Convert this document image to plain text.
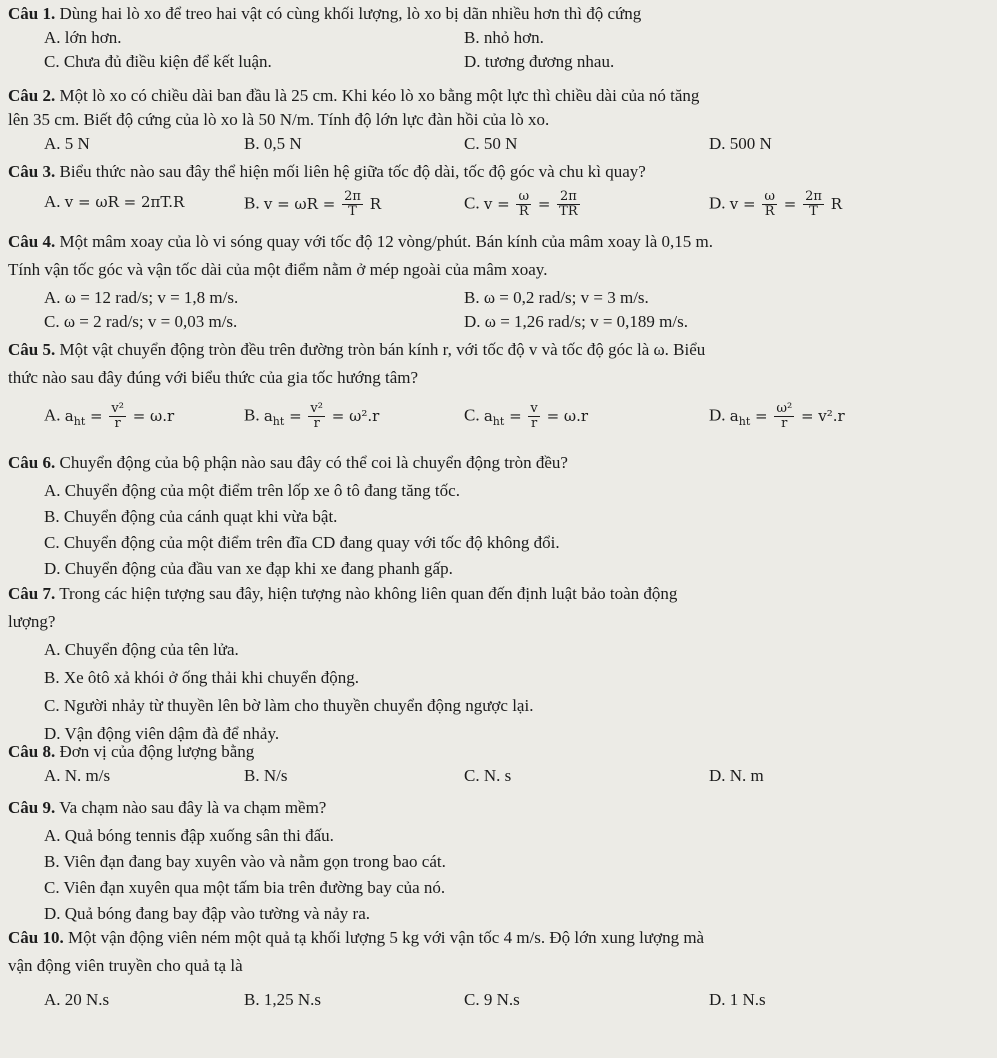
Câu 1. Dùng hai lò xo để treo hai vật có cùng khối lượng, lò xo bị dãn nhiều hơn thì độ cứng
A. lớn hơn.	B. nhỏ hơn.
C. Chưa đủ điều kiện để kết luận.	D. tương đương nhau.
Câu 2. Một lò xo có chiều dài ban đầu là 25 cm. Khi kéo lò xo bằng một lực thì chiều dài của nó tăng
lên 35 cm. Biết độ cứng của lò xo là 50 N/m. Tính độ lớn lực đàn hồi của lò xo.
A. 5 N	B. 0,5 N	C. 50 N	D. 500 N
Câu 3. Biểu thức nào sau đây thể hiện mối liên hệ giữa tốc độ dài, tốc độ góc và chu kì quay?
A. v = ωR = 2πT.R	B. $v = \omega R = \frac{2\pi}{T}$ R	C. $v = \frac{\omega}{R} = \frac{2\pi}{TR}$	D. $v = \frac{\omega}{R} = \frac{2\pi}{T}$ R
Câu 4. Một mâm xoay của lò vi sóng quay với tốc độ 12 vòng/phút. Bán kính của mâm xoay là 0,15 m.
Tính vận tốc góc và vận tốc dài của một điểm nằm ở mép ngoài của mâm xoay.
A. ω = 12 rad/s; v = 1,8 m/s.	B. ω = 0,2 rad/s; v = 3 m/s.
C. ω = 2 rad/s; v = 0,03 m/s.	D. ω = 1,26 rad/s; v = 0,189 m/s.
Câu 5. Một vật chuyển động tròn đều trên đường tròn bán kính r, với tốc độ v và tốc độ góc là ω. Biểu
thức nào sau đây đúng với biểu thức của gia tốc hướng tâm?
A. $a_{ht} = \frac{\text{v²}}{r} = \omega.r$	B. $a_{ht} = \frac{\text{v²}}{r} = \omega^2.r$	C. $a_{ht} = \frac{v}{r} = \omega.r$	D. $a_{ht} = \frac{\text{ω²}}{r} = v^2.r$
Câu 6. Chuyển động của bộ phận nào sau đây có thể coi là chuyển động tròn đều?
A. Chuyển động của một điểm trên lốp xe ô tô đang tăng tốc.
B. Chuyển động của cánh quạt khi vừa bật.
C. Chuyển động của một điểm trên đĩa CD đang quay với tốc độ không đổi.
D. Chuyển động của đầu van xe đạp khi xe đang phanh gấp.
Câu 7. Trong các hiện tượng sau đây, hiện tượng nào không liên quan đến định luật bảo toàn động
lượng?
A. Chuyển động của tên lửa.
B. Xe ôtô xả khói ở ống thải khi chuyển động.
C. Người nhảy từ thuyền lên bờ làm cho thuyền chuyển động ngược lại.
D. Vận động viên dậm đà để nhảy.
Câu 8. Đơn vị của động lượng bằng
A. N. m/s	B. N/s	C. N. s	D. N. m
Câu 9. Va chạm nào sau đây là va chạm mềm?
A. Quả bóng tennis đập xuống sân thi đấu.
B. Viên đạn đang bay xuyên vào và nằm gọn trong bao cát.
C. Viên đạn xuyên qua một tấm bia trên đường bay của nó.
D. Quả bóng đang bay đập vào tường và nảy ra.
Câu 10. Một vận động viên ném một quả tạ khối lượng 5 kg với vận tốc 4 m/s. Độ lớn xung lượng mà
vận động viên truyền cho quả tạ là
A. 20 N.s	B. 1,25 N.s	C. 9 N.s	D. 1 N.s
